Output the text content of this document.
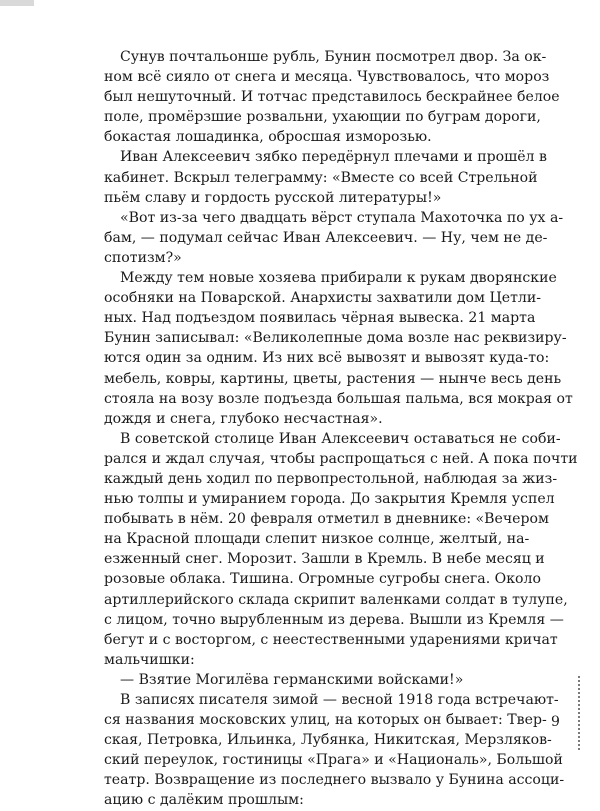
Сунув почтальонше рубль, Бунин посмотрел двор. За ок-
ном всё сияло от снега и месяца. Чувствовалось, что мороз
был нешуточный. И тотчас представилось бескрайнее белое
поле, промёрзшие розвальни, ухающии по буграм дороги,
бокастая лошадинка, обросшая изморозью.
Иван Алексеевич зябко передёрнул плечами и прошёл в
кабинет. Вскрыл телеграмму: «Вместе со всей Стрельной
пьём славу и гордость русской литературы!»
«Вот из-за чего двадцать вёрст ступала Махоточка по ух а-
бам, — подумал сейчас Иван Алексеевич. — Ну, чем не де-
спотизм?»
Между тем новые хозяева прибирали к рукам дворянские
особняки на Поварской. Анархисты захватили дом Цетли-
ных. Над подъездом появилась чёрная вывеска. 21 марта
Бунин записывал: «Великолепные дома возле нас реквизиру-
ются один за одним. Из них всё вывозят и вывозят куда-то:
мебель, ковры, картины, цветы, растения — нынче весь день
стояла на возу возле подъезда большая пальма, вся мокрая от
дождя и снега, глубоко несчастная».
В советской столице Иван Алексеевич оставаться не соби-
рался и ждал случая, чтобы распрощаться с ней. А пока почти
каждый день ходил по первопрестольной, наблюдая за жиз-
нью толпы и умиранием города. До закрытия Кремля успел
побывать в нём. 20 февраля отметил в дневнике: «Вечером
на Красной площади слепит низкое солнце, желтый, на-
езженный снег. Морозит. Зашли в Кремль. В небе месяц и
розовые облака. Тишина. Огромные сугробы снега. Около
артиллерийского склада скрипит валенками солдат в тулупе,
с лицом, точно вырубленным из дерева. Вышли из Кремля —
бегут и с восторгом, с неестественными ударениями кричат
мальчишки:
— Взятие Могилёва германскими войсками!»
В записях писателя зимой — весной 1918 года встречают-
ся названия московских улиц, на которых он бывает: Твер-
ская, Петровка, Ильинка, Лубянка, Никитская, Мерзляков-
ский переулок, гостиницы «Прага» и «Националь», Большой
театр. Возвращение из последнего вызвало у Бунина ассоци-
ацию с далёким прошлым:
9
